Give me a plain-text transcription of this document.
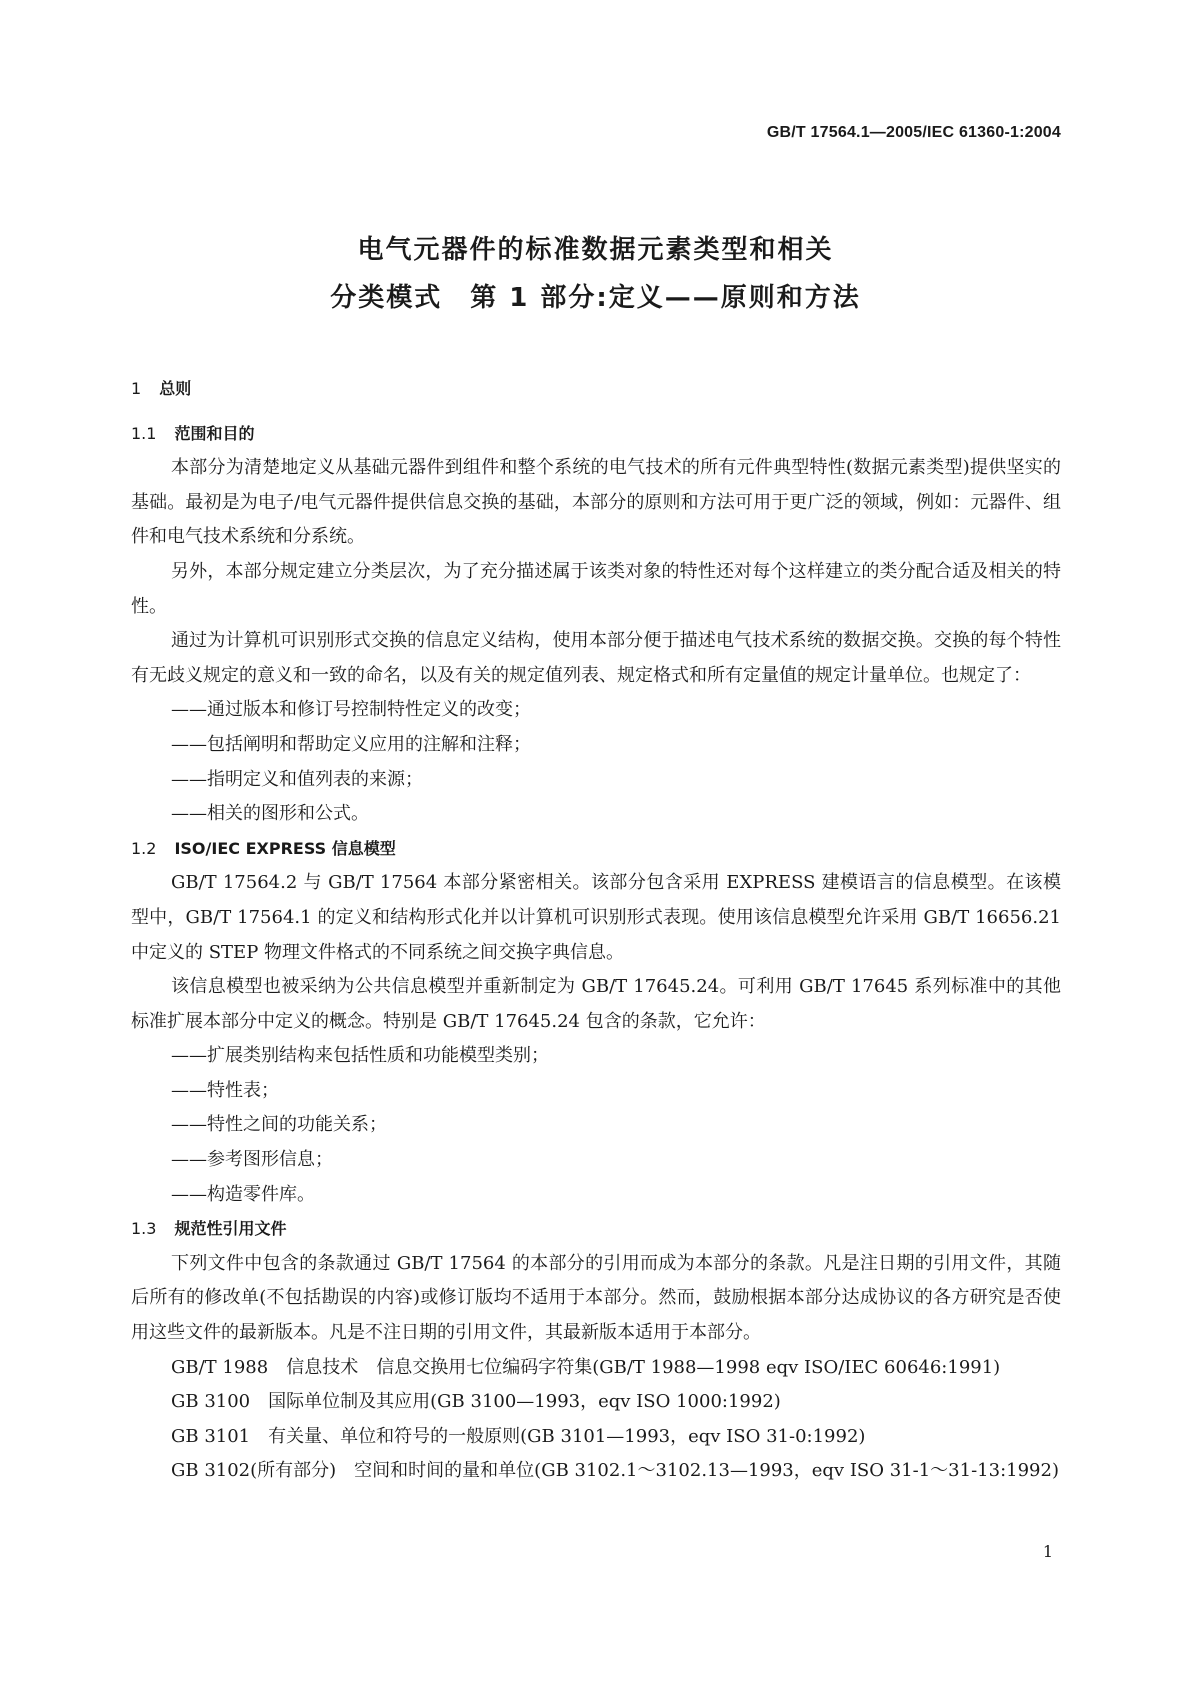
GB/T 17564.1—2005/IEC 61360-1:2004
电气元器件的标准数据元素类型和相关
分类模式　第 1 部分:定义——原则和方法
1 总则
1.1 范围和目的

本部分为清楚地定义从基础元器件到组件和整个系统的电气技术的所有元件典型特性(数据元素类型)提供坚实的基础。最初是为电子/电气元器件提供信息交换的基础，本部分的原则和方法可用于更广泛的领域，例如：元器件、组件和电气技术系统和分系统。

另外，本部分规定建立分类层次，为了充分描述属于该类对象的特性还对每个这样建立的类分配合适及相关的特性。

通过为计算机可识别形式交换的信息定义结构，使用本部分便于描述电气技术系统的数据交换。交换的每个特性有无歧义规定的意义和一致的命名，以及有关的规定值列表、规定格式和所有定量值的规定计量单位。也规定了：

——通过版本和修订号控制特性定义的改变；

——包括阐明和帮助定义应用的注解和注释；

——指明定义和值列表的来源；

——相关的图形和公式。

1.2 ISO/IEC EXPRESS 信息模型

GB/T 17564.2 与 GB/T 17564 本部分紧密相关。该部分包含采用 EXPRESS 建模语言的信息模型。在该模型中，GB/T 17564.1 的定义和结构形式化并以计算机可识别形式表现。使用该信息模型允许采用 GB/T 16656.21 中定义的 STEP 物理文件格式的不同系统之间交换字典信息。

该信息模型也被采纳为公共信息模型并重新制定为 GB/T 17645.24。可利用 GB/T 17645 系列标准中的其他标准扩展本部分中定义的概念。特别是 GB/T 17645.24 包含的条款，它允许：

——扩展类别结构来包括性质和功能模型类别；

——特性表；

——特性之间的功能关系；

——参考图形信息；

——构造零件库。

1.3 规范性引用文件

下列文件中包含的条款通过 GB/T 17564 的本部分的引用而成为本部分的条款。凡是注日期的引用文件，其随后所有的修改单(不包括勘误的内容)或修订版均不适用于本部分。然而，鼓励根据本部分达成协议的各方研究是否使用这些文件的最新版本。凡是不注日期的引用文件，其最新版本适用于本部分。

GB/T 1988　信息技术　信息交换用七位编码字符集(GB/T 1988—1998 eqv ISO/IEC 60646:1991)

GB 3100　国际单位制及其应用(GB 3100—1993，eqv ISO 1000:1992)

GB 3101　有关量、单位和符号的一般原则(GB 3101—1993，eqv ISO 31-0:1992)

GB 3102(所有部分)　空间和时间的量和单位(GB 3102.1～3102.13—1993，eqv ISO 31-1～31-13:1992)

1
